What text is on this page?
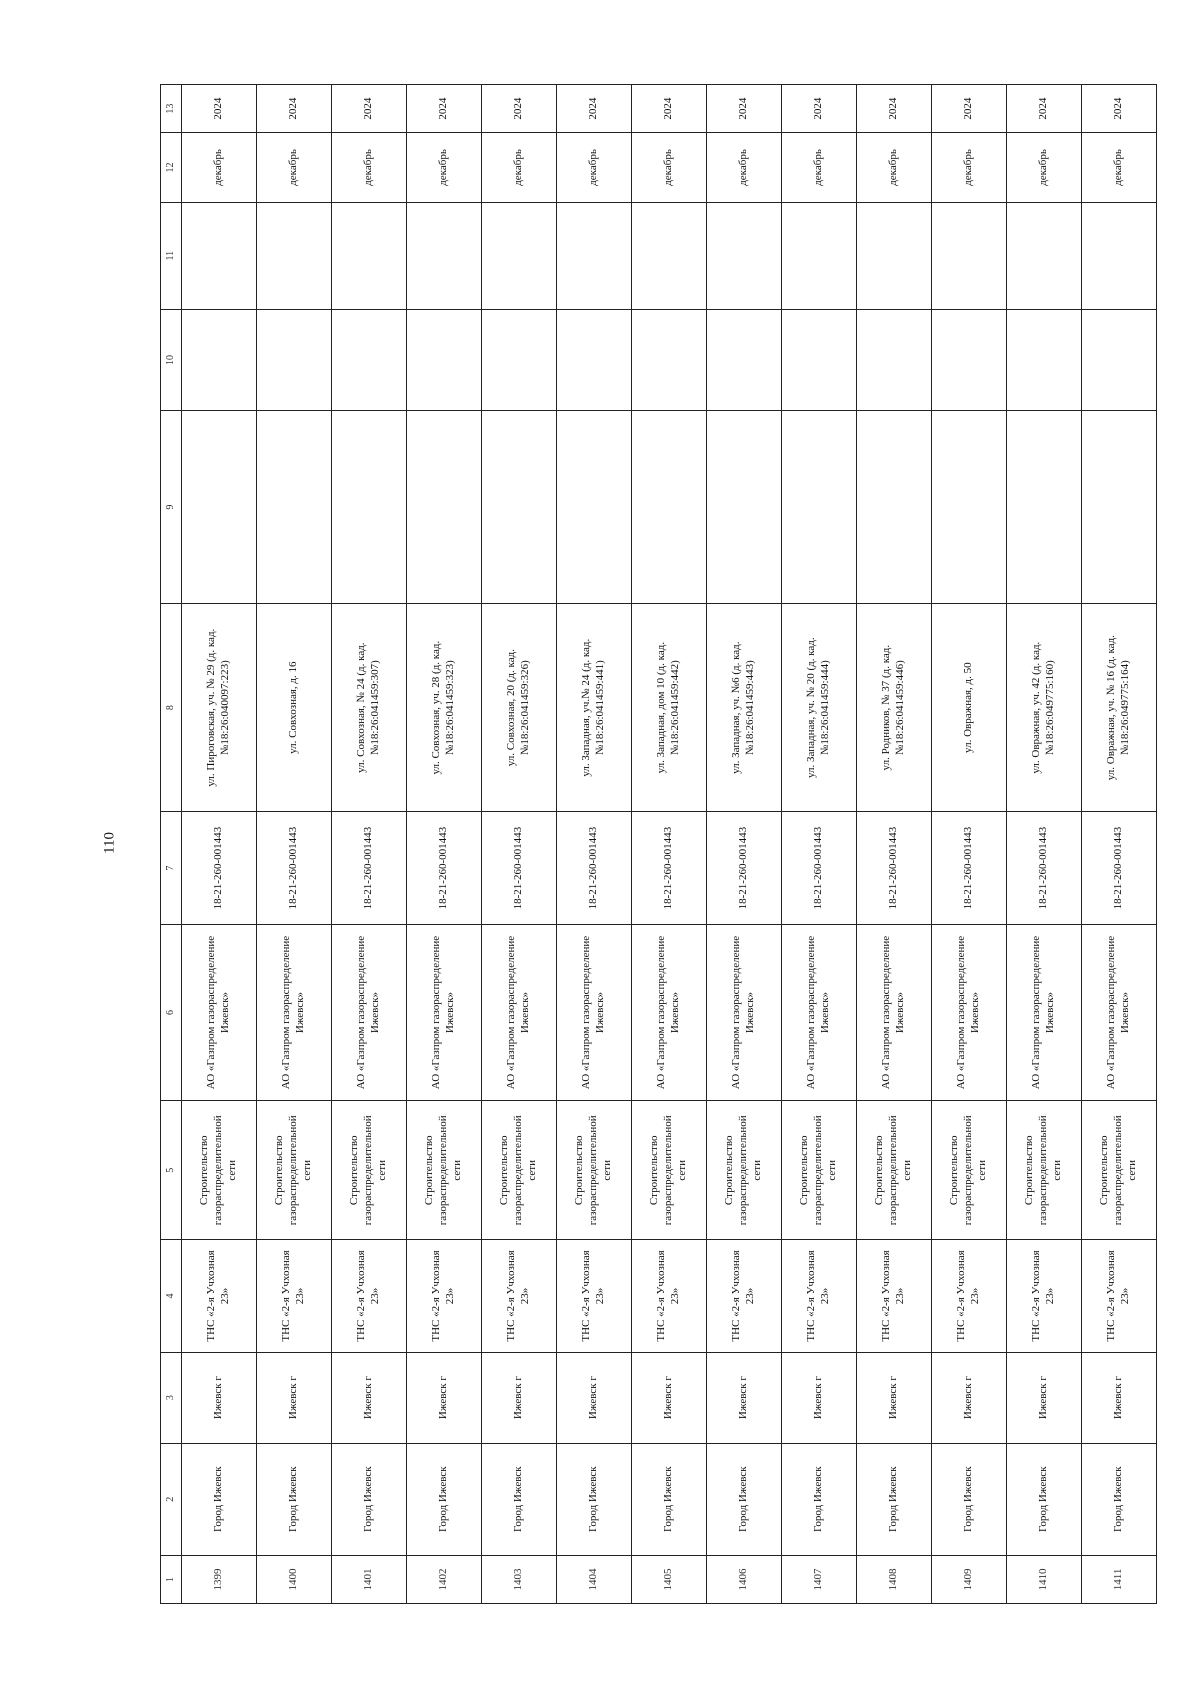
110
1	2	3	4	5	6	7	8	9	10	11	12	13
1399	Город Ижевск	Ижевск г	ТНС «2-я Учхозная 23»	Строительство газораспределительной сети	АО «Газпром газораспределение Ижевск»	18-21-260-001443	ул. Пироговская, уч. № 29 (д. кад.№18:26:040097:223)				декабрь	2024
1400	Город Ижевск	Ижевск г	ТНС «2-я Учхозная 23»	Строительство газораспределительной сети	АО «Газпром газораспределение Ижевск»	18-21-260-001443	ул. Совхозная, д. 16				декабрь	2024
1401	Город Ижевск	Ижевск г	ТНС «2-я Учхозная 23»	Строительство газораспределительной сети	АО «Газпром газораспределение Ижевск»	18-21-260-001443	ул. Совхозная, № 24 (д. кад.№18:26:041459:307)				декабрь	2024
1402	Город Ижевск	Ижевск г	ТНС «2-я Учхозная 23»	Строительство газораспределительной сети	АО «Газпром газораспределение Ижевск»	18-21-260-001443	ул. Совхозная, уч. 28 (д. кад.№18:26:041459:323)				декабрь	2024
1403	Город Ижевск	Ижевск г	ТНС «2-я Учхозная 23»	Строительство газораспределительной сети	АО «Газпром газораспределение Ижевск»	18-21-260-001443	ул. Совхозная, 20 (д. кад.№18:26:041459:326)				декабрь	2024
1404	Город Ижевск	Ижевск г	ТНС «2-я Учхозная 23»	Строительство газораспределительной сети	АО «Газпром газораспределение Ижевск»	18-21-260-001443	ул. Западная, уч.№ 24 (д. кад.№18:26:041459:441)				декабрь	2024
1405	Город Ижевск	Ижевск г	ТНС «2-я Учхозная 23»	Строительство газораспределительной сети	АО «Газпром газораспределение Ижевск»	18-21-260-001443	ул. Западная, дом 10 (д. кад.№18:26:041459:442)				декабрь	2024
1406	Город Ижевск	Ижевск г	ТНС «2-я Учхозная 23»	Строительство газораспределительной сети	АО «Газпром газораспределение Ижевск»	18-21-260-001443	ул. Западная, уч. №6 (д. кад.№18:26:041459:443)				декабрь	2024
1407	Город Ижевск	Ижевск г	ТНС «2-я Учхозная 23»	Строительство газораспределительной сети	АО «Газпром газораспределение Ижевск»	18-21-260-001443	ул. Западная, уч. № 20 (д. кад.№18:26:041459:444)				декабрь	2024
1408	Город Ижевск	Ижевск г	ТНС «2-я Учхозная 23»	Строительство газораспределительной сети	АО «Газпром газораспределение Ижевск»	18-21-260-001443	ул. Родников, № 37 (д. кад.№18:26:041459:446)				декабрь	2024
1409	Город Ижевск	Ижевск г	ТНС «2-я Учхозная 23»	Строительство газораспределительной сети	АО «Газпром газораспределение Ижевск»	18-21-260-001443	ул. Овражная, д. 50				декабрь	2024
1410	Город Ижевск	Ижевск г	ТНС «2-я Учхозная 23»	Строительство газораспределительной сети	АО «Газпром газораспределение Ижевск»	18-21-260-001443	ул. Овражная, уч. 42 (д. кад.№18:26:049775:160)				декабрь	2024
1411	Город Ижевск	Ижевск г	ТНС «2-я Учхозная 23»	Строительство газораспределительной сети	АО «Газпром газораспределение Ижевск»	18-21-260-001443	ул. Овражная, уч. № 16 (д. кад.№18:26:049775:164)				декабрь	2024
